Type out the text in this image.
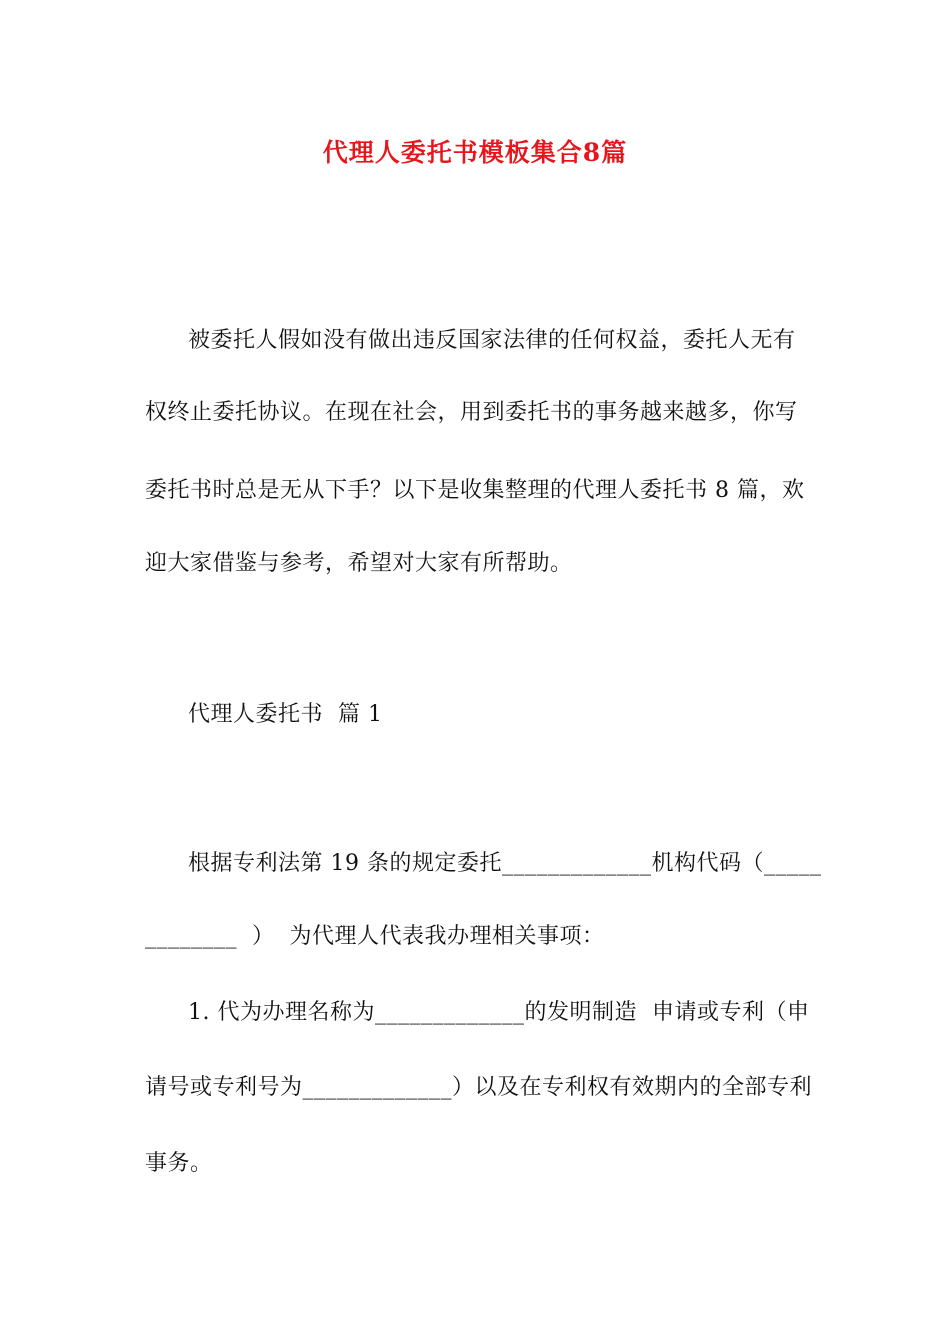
代理人委托书模板集合8篇
被委托人假如没有做出违反国家法律的任何权益，委托人无有
权终止委托协议。在现在社会，用到委托书的事务越来越多，你写
委托书时总是无从下手？以下是收集整理的代理人委托书 8 篇，欢
迎大家借鉴与参考，希望对大家有所帮助。
代理人委托书  篇 1
根据专利法第 19 条的规定委托_____________机构代码（_____
________  ）  为代理人代表我办理相关事项：
1. 代为办理名称为_____________的发明制造  申请或专利（申
请号或专利号为_____________）以及在专利权有效期内的全部专利
事务。
